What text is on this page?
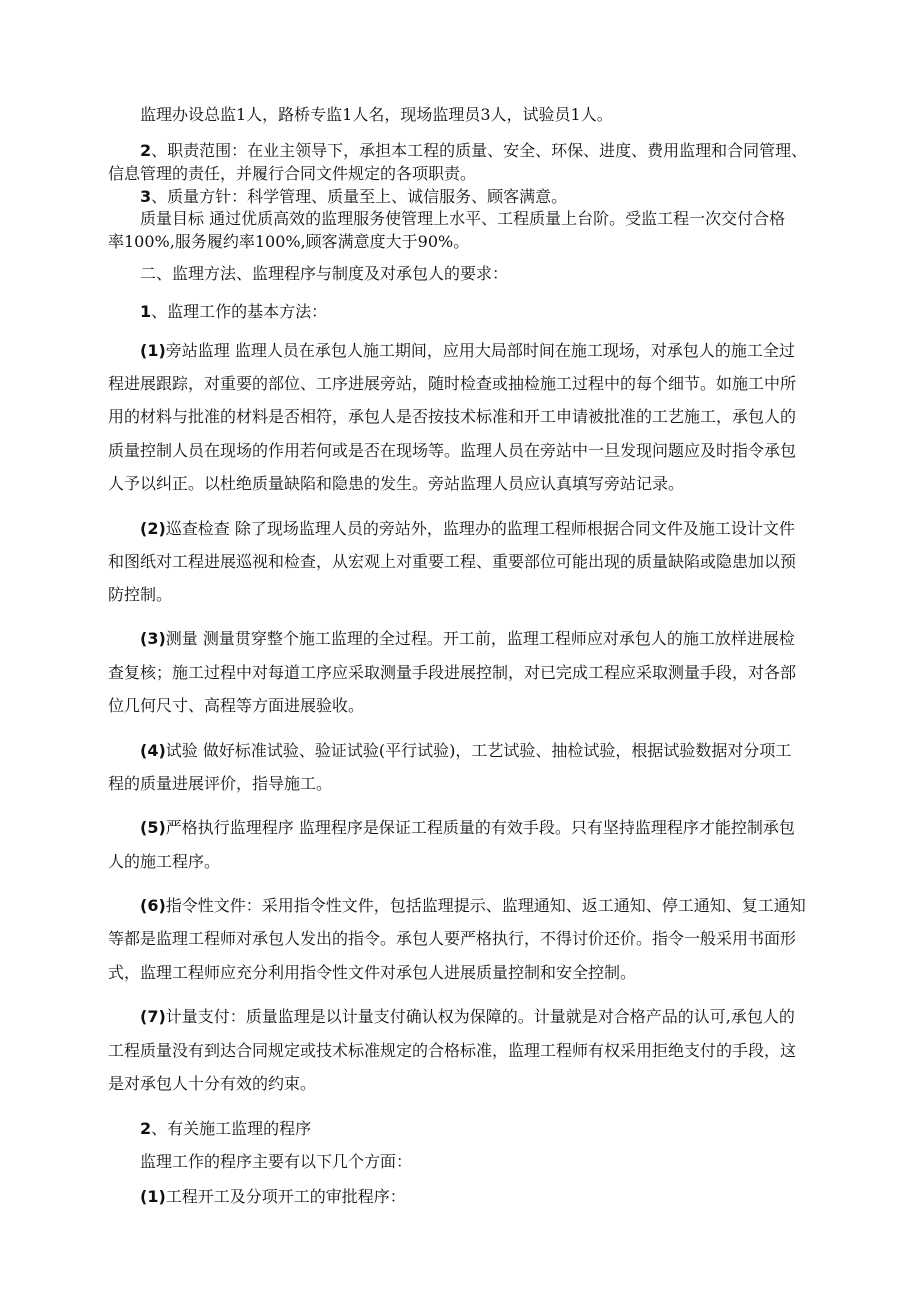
监理办设总监1人，路桥专监1人名，现场监理员3人，试验员1人。

2、职责范围：在业主领导下，承担本工程的质量、安全、环保、进度、费用监理和合同管理、

信息管理的责任，并履行合同文件规定的各项职责。

3、质量方针：科学管理、质量至上、诚信服务、顾客满意。

质量目标 通过优质高效的监理服务使管理上水平、工程质量上台阶。受监工程一次交付合格

率100%,服务履约率100%,顾客满意度大于90%。

二、监理方法、监理程序与制度及对承包人的要求：

1、监理工作的基本方法：

(1)旁站监理 监理人员在承包人施工期间，应用大局部时间在施工现场，对承包人的施工全过

程进展跟踪，对重要的部位、工序进展旁站，随时检查或抽检施工过程中的每个细节。如施工中所

用的材料与批准的材料是否相符，承包人是否按技术标准和开工申请被批准的工艺施工，承包人的

质量控制人员在现场的作用若何或是否在现场等。监理人员在旁站中一旦发现问题应及时指令承包

人予以纠正。以杜绝质量缺陷和隐患的发生。旁站监理人员应认真填写旁站记录。

(2)巡查检查 除了现场监理人员的旁站外，监理办的监理工程师根据合同文件及施工设计文件

和图纸对工程进展巡视和检查，从宏观上对重要工程、重要部位可能出现的质量缺陷或隐患加以预

防控制。

(3)测量 测量贯穿整个施工监理的全过程。开工前，监理工程师应对承包人的施工放样进展检

查复核；施工过程中对每道工序应采取测量手段进展控制，对已完成工程应采取测量手段，对各部

位几何尺寸、高程等方面进展验收。

(4)试验 做好标准试验、验证试验(平行试验)，工艺试验、抽检试验，根据试验数据对分项工

程的质量进展评价，指导施工。

(5)严格执行监理程序 监理程序是保证工程质量的有效手段。只有坚持监理程序才能控制承包

人的施工程序。

(6)指令性文件：采用指令性文件，包括监理提示、监理通知、返工通知、停工通知、复工通知

等都是监理工程师对承包人发出的指令。承包人要严格执行，不得讨价还价。指令一般采用书面形

式，监理工程师应充分利用指令性文件对承包人进展质量控制和安全控制。

(7)计量支付：质量监理是以计量支付确认权为保障的。计量就是对合格产品的认可,承包人的

工程质量没有到达合同规定或技术标准规定的合格标准，监理工程师有权采用拒绝支付的手段，这

是对承包人十分有效的约束。

2、有关施工监理的程序

监理工作的程序主要有以下几个方面：

(1)工程开工及分项开工的审批程序：
